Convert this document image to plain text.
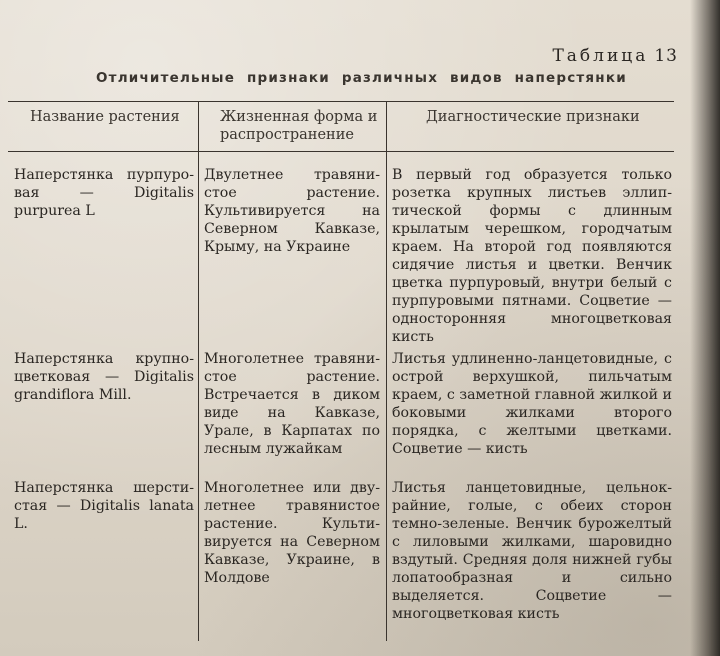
Таблица 13
Отличительные признаки различных видов наперстянки
Название растения	Жизненная форма и распространение
Диагностические признаки
Наперстянка пурпуровая — Digitalis purpurea L
Двулетнее травянистое растение. Культивируется на Северном Кавказе, Крыму, на Украине
В первый год образуется только розетка крупных листьев эллиптической формы с длинным крылатым черешком, городчатым краем. На второй год появляются сидячие листья и цветки. Венчик цветка пурпуровый, внутри белый с пурпуровыми пятнами. Соцветие — односторонняя многоцветковая кисть
Наперстянка крупноцветковая — Digitalis grandiflora Mill.
Многолетнее травянистое растение. Встречается в диком виде на Кавказе, Урале, в Карпатах по лесным лужайкам
Листья удлиненно-ланцетовидные, с острой верхушкой, пильчатым краем, с заметной главной жилкой и боковыми жилками второго порядка, с желтыми цветками. Соцветие — кисть
Наперстянка шерстистая — Digitalis lanata L.
Многолетнее или двулетнее травянистое растение. Культивируется на Северном Кавказе, Украине, в Молдове
Листья ланцетовидные, цельнокрайние, голые, с обеих сторон темно-зеленые. Венчик бурожелтый с лиловыми жилками, шаровидно вздутый. Средняя доля нижней губы лопатообразная и сильно выделяется. Соцветие — многоцветковая кисть
